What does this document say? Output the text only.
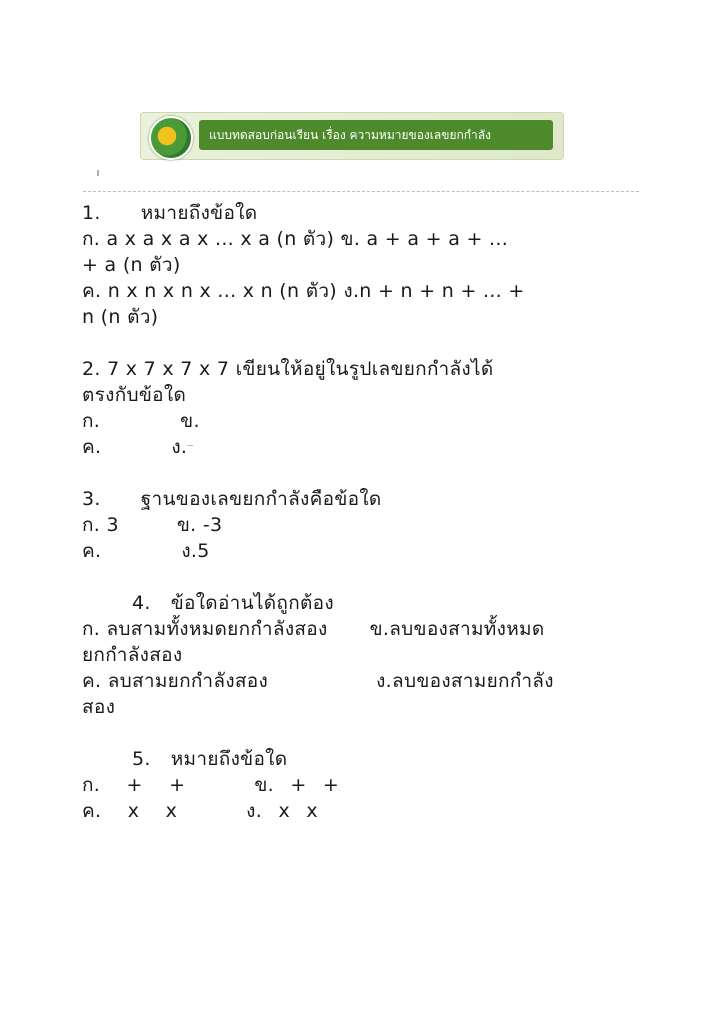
แบบทดสอบก่อนเรียน เรื่อง ความหมายของเลขยกกำลัง
1. หมายถึงข้อใด
ก. a x a x a x ... x a (n ตัว) ข. a + a + a + ...
+ a (n ตัว)
ค. n x n x n x ... x n (n ตัว) ง.n + n + n + ... +
n (n ตัว)
2. 7 x 7 x 7 x 7 เขียนให้อยู่ในรูปเลขยกกำลังได้
ตรงกับข้อใด
ก.	ข.
ค.	ง.
3. ฐานของเลขยกกำลังคือข้อใด
ก. 3	ข. -3
ค.	ง.5
4. ข้อใดอ่านได้ถูกต้อง
ก. ลบสามทั้งหมดยกกำลังสอง ข.ลบของสามทั้งหมด
ยกกำลังสอง
ค. ลบสามยกกำลังสอง	ง.ลบของสามยกกำลัง
สอง
5. หมายถึงข้อใด
ก. + +	ข. + +
ค. x x	ง. x x
